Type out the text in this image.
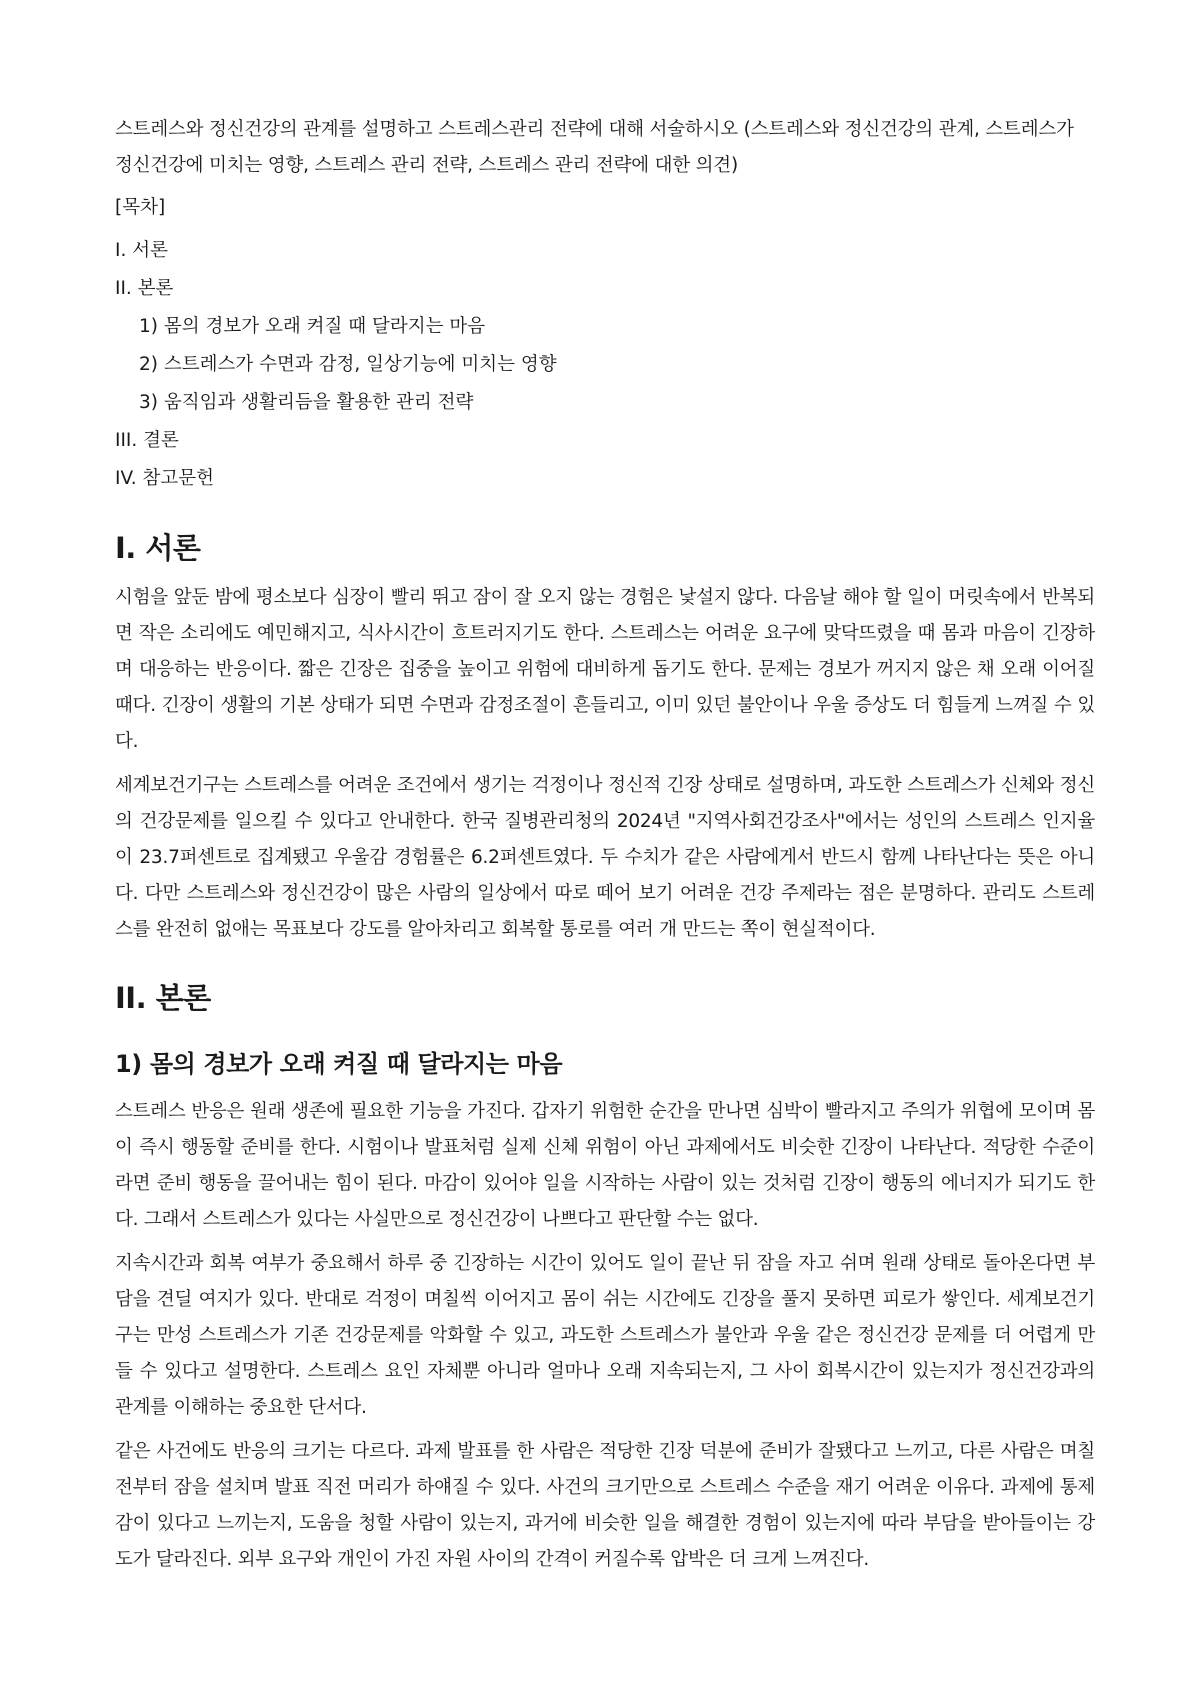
스트레스와 정신건강의 관계를 설명하고 스트레스관리 전략에 대해 서술하시오 (스트레스와 정신건강의 관계, 스트레스가 정신건강에 미치는 영향, 스트레스 관리 전략, 스트레스 관리 전략에 대한 의견)

[목차]

I. 서론

II. 본론

1) 몸의 경보가 오래 켜질 때 달라지는 마음

2) 스트레스가 수면과 감정, 일상기능에 미치는 영향

3) 움직임과 생활리듬을 활용한 관리 전략

III. 결론

IV. 참고문헌

I. 서론

시험을 앞둔 밤에 평소보다 심장이 빨리 뛰고 잠이 잘 오지 않는 경험은 낯설지 않다. 다음날 해야 할 일이 머릿속에서 반복되면 작은 소리에도 예민해지고, 식사시간이 흐트러지기도 한다. 스트레스는 어려운 요구에 맞닥뜨렸을 때 몸과 마음이 긴장하며 대응하는 반응이다. 짧은 긴장은 집중을 높이고 위험에 대비하게 돕기도 한다. 문제는 경보가 꺼지지 않은 채 오래 이어질 때다. 긴장이 생활의 기본 상태가 되면 수면과 감정조절이 흔들리고, 이미 있던 불안이나 우울 증상도 더 힘들게 느껴질 수 있다.

세계보건기구는 스트레스를 어려운 조건에서 생기는 걱정이나 정신적 긴장 상태로 설명하며, 과도한 스트레스가 신체와 정신의 건강문제를 일으킬 수 있다고 안내한다. 한국 질병관리청의 2024년 "지역사회건강조사"에서는 성인의 스트레스 인지율이 23.7퍼센트로 집계됐고 우울감 경험률은 6.2퍼센트였다. 두 수치가 같은 사람에게서 반드시 함께 나타난다는 뜻은 아니다. 다만 스트레스와 정신건강이 많은 사람의 일상에서 따로 떼어 보기 어려운 건강 주제라는 점은 분명하다. 관리도 스트레스를 완전히 없애는 목표보다 강도를 알아차리고 회복할 통로를 여러 개 만드는 쪽이 현실적이다.

II. 본론
1) 몸의 경보가 오래 켜질 때 달라지는 마음

스트레스 반응은 원래 생존에 필요한 기능을 가진다. 갑자기 위험한 순간을 만나면 심박이 빨라지고 주의가 위협에 모이며 몸이 즉시 행동할 준비를 한다. 시험이나 발표처럼 실제 신체 위험이 아닌 과제에서도 비슷한 긴장이 나타난다. 적당한 수준이라면 준비 행동을 끌어내는 힘이 된다. 마감이 있어야 일을 시작하는 사람이 있는 것처럼 긴장이 행동의 에너지가 되기도 한다. 그래서 스트레스가 있다는 사실만으로 정신건강이 나쁘다고 판단할 수는 없다.

지속시간과 회복 여부가 중요해서 하루 중 긴장하는 시간이 있어도 일이 끝난 뒤 잠을 자고 쉬며 원래 상태로 돌아온다면 부담을 견딜 여지가 있다. 반대로 걱정이 며칠씩 이어지고 몸이 쉬는 시간에도 긴장을 풀지 못하면 피로가 쌓인다. 세계보건기구는 만성 스트레스가 기존 건강문제를 악화할 수 있고, 과도한 스트레스가 불안과 우울 같은 정신건강 문제를 더 어렵게 만들 수 있다고 설명한다. 스트레스 요인 자체뿐 아니라 얼마나 오래 지속되는지, 그 사이 회복시간이 있는지가 정신건강과의 관계를 이해하는 중요한 단서다.

같은 사건에도 반응의 크기는 다르다. 과제 발표를 한 사람은 적당한 긴장 덕분에 준비가 잘됐다고 느끼고, 다른 사람은 며칠 전부터 잠을 설치며 발표 직전 머리가 하얘질 수 있다. 사건의 크기만으로 스트레스 수준을 재기 어려운 이유다. 과제에 통제감이 있다고 느끼는지, 도움을 청할 사람이 있는지, 과거에 비슷한 일을 해결한 경험이 있는지에 따라 부담을 받아들이는 강도가 달라진다. 외부 요구와 개인이 가진 자원 사이의 간격이 커질수록 압박은 더 크게 느껴진다.
